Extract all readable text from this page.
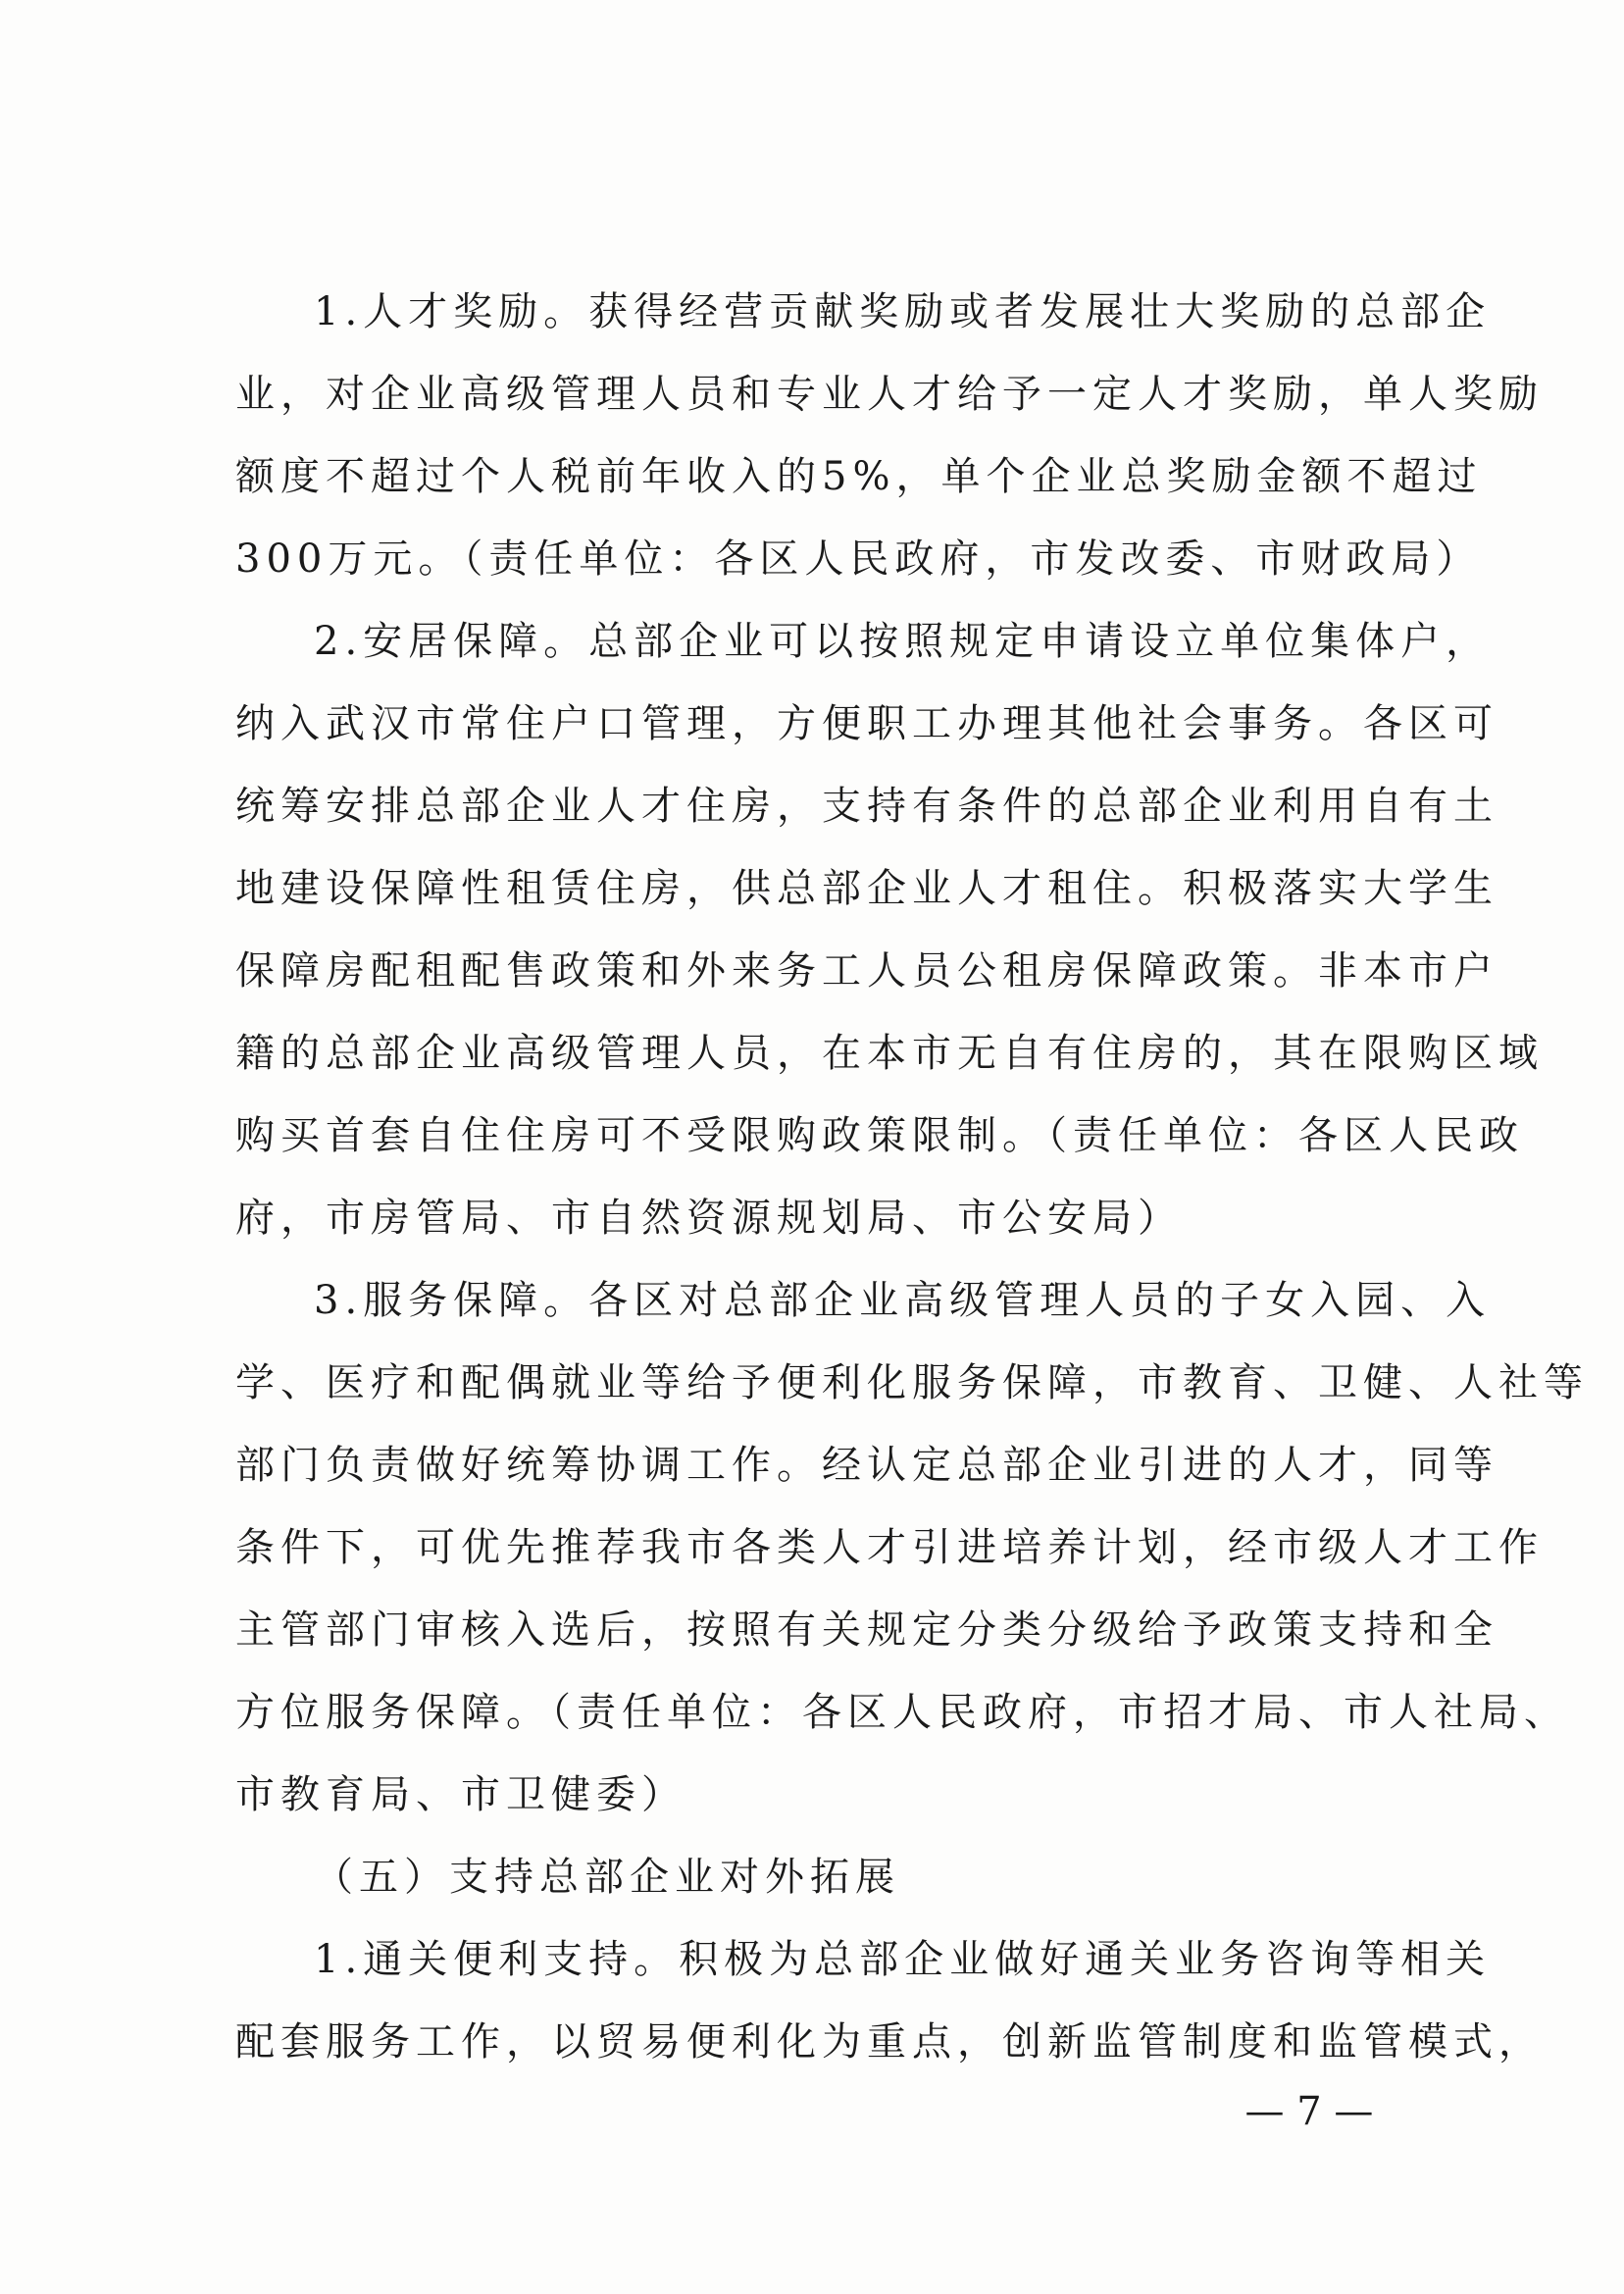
1.人才奖励。获得经营贡献奖励或者发展壮大奖励的总部企
业，对企业高级管理人员和专业人才给予一定人才奖励，单人奖励
额度不超过个人税前年收入的5%，单个企业总奖励金额不超过
300万元。（责任单位：各区人民政府，市发改委、市财政局）
2.安居保障。总部企业可以按照规定申请设立单位集体户，
纳入武汉市常住户口管理，方便职工办理其他社会事务。各区可
统筹安排总部企业人才住房，支持有条件的总部企业利用自有土
地建设保障性租赁住房，供总部企业人才租住。积极落实大学生
保障房配租配售政策和外来务工人员公租房保障政策。非本市户
籍的总部企业高级管理人员，在本市无自有住房的，其在限购区域
购买首套自住住房可不受限购政策限制。（责任单位：各区人民政
府，市房管局、市自然资源规划局、市公安局）
3.服务保障。各区对总部企业高级管理人员的子女入园、入
学、医疗和配偶就业等给予便利化服务保障，市教育、卫健、人社等
部门负责做好统筹协调工作。经认定总部企业引进的人才，同等
条件下，可优先推荐我市各类人才引进培养计划，经市级人才工作
主管部门审核入选后，按照有关规定分类分级给予政策支持和全
方位服务保障。（责任单位：各区人民政府，市招才局、市人社局、
市教育局、市卫健委）
（五）支持总部企业对外拓展
1.通关便利支持。积极为总部企业做好通关业务咨询等相关
配套服务工作，以贸易便利化为重点，创新监管制度和监管模式，
— 7 —
